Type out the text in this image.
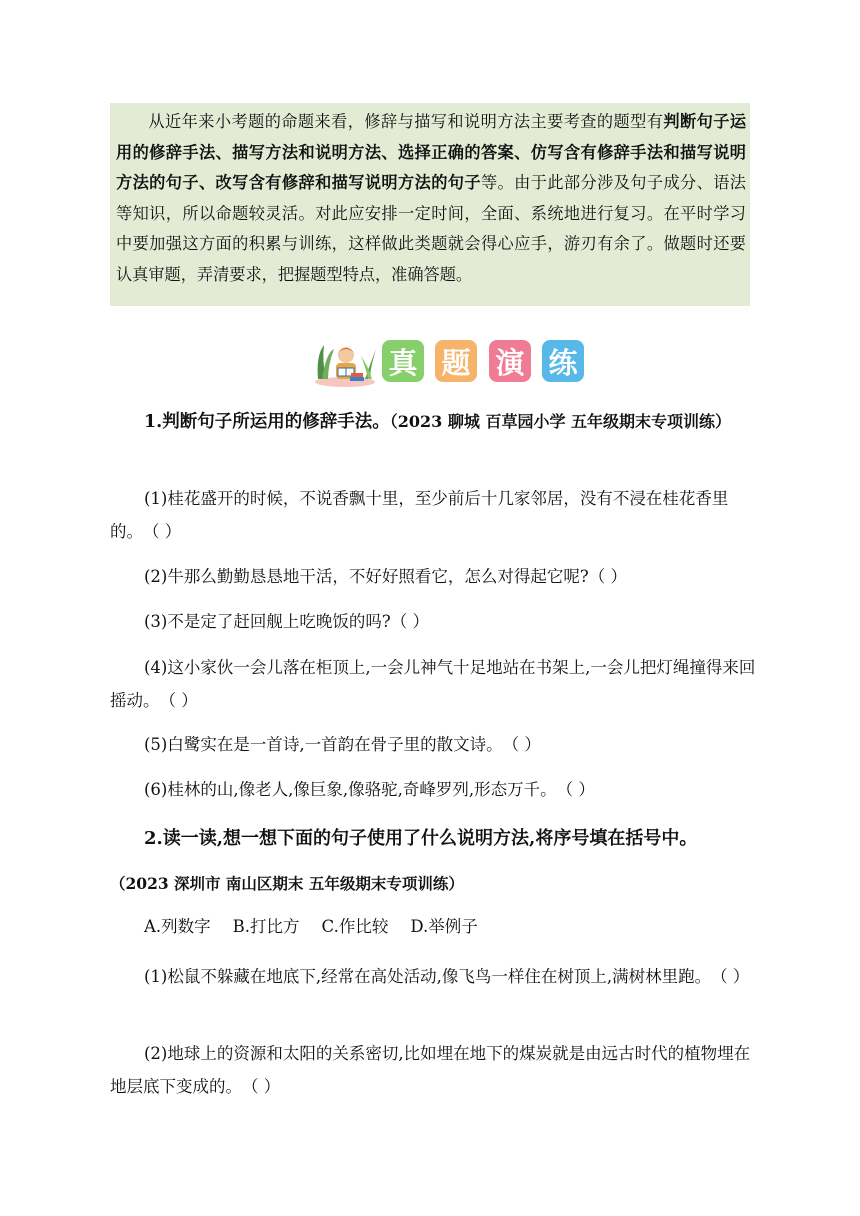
从近年来小考题的命题来看，修辞与描写和说明方法主要考查的题型有判断句子运用的修辞手法、描写方法和说明方法、选择正确的答案、仿写含有修辞手法和描写说明方法的句子、改写含有修辞和描写说明方法的句子等。由于此部分涉及句子成分、语法等知识，所以命题较灵活。对此应安排一定时间，全面、系统地进行复习。在平时学习中要加强这方面的积累与训练，这样做此类题就会得心应手，游刃有余了。做题时还要认真审题，弄清要求，把握题型特点，准确答题。
真 题 演 练
1.判断句子所运用的修辞手法。（2023 聊城 百草园小学 五年级期末专项训练）
(1)桂花盛开的时候，不说香飘十里，至少前后十几家邻居，没有不浸在桂花香里的。（ ）
(2)牛那么勤勤恳恳地干活，不好好照看它，怎么对得起它呢?（ ）
(3)不是定了赶回舰上吃晚饭的吗?（ ）
(4)这小家伙一会儿落在柜顶上,一会儿神气十足地站在书架上,一会儿把灯绳撞得来回摇动。（ ）
(5)白鹭实在是一首诗,一首韵在骨子里的散文诗。（ ）
(6)桂林的山,像老人,像巨象,像骆驼,奇峰罗列,形态万千。（ ）
2.读一读,想一想下面的句子使用了什么说明方法,将序号填在括号中。
（2023 深圳市 南山区期末 五年级期末专项训练）
A.列数字 B.打比方 C.作比较 D.举例子
(1)松鼠不躲藏在地底下,经常在高处活动,像飞鸟一样住在树顶上,满树林里跑。（ ）
(2)地球上的资源和太阳的关系密切,比如埋在地下的煤炭就是由远古时代的植物埋在地层底下变成的。（ ）
